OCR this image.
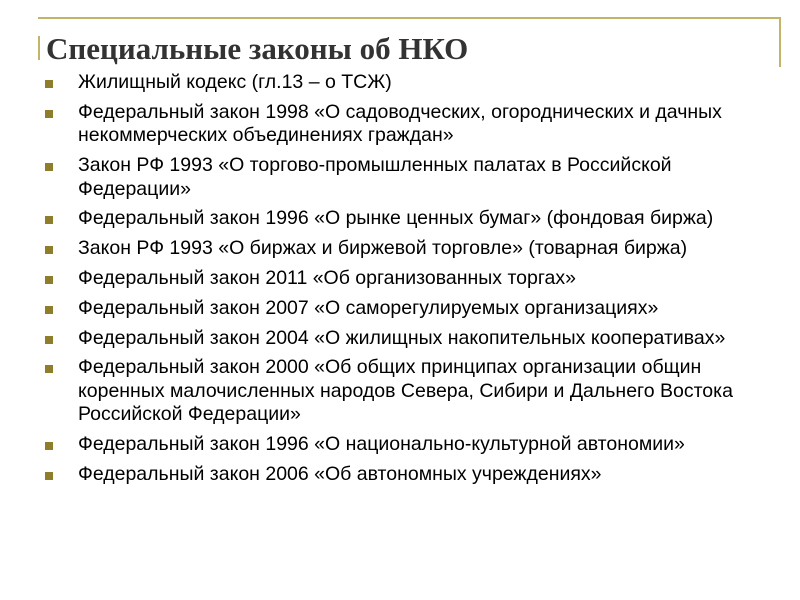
Специальные законы об НКО
Жилищный кодекс (гл.13 – о ТСЖ)
Федеральный закон 1998 «О садоводческих, огороднических и дачных некоммерческих объединениях граждан»
Закон РФ 1993 «О торгово-промышленных палатах в Российской Федерации»
Федеральный закон 1996 «О рынке ценных бумаг» (фондовая биржа)
Закон РФ 1993 «О биржах и биржевой торговле» (товарная биржа)
Федеральный закон 2011 «Об организованных торгах»
Федеральный закон 2007 «О саморегулируемых организациях»
Федеральный закон 2004 «О жилищных накопительных кооперативах»
Федеральный закон 2000 «Об общих принципах организации общин коренных малочисленных народов Севера, Сибири и Дальнего Востока Российской Федерации»
Федеральный закон 1996 «О национально-культурной автономии»
Федеральный закон 2006 «Об автономных учреждениях»
